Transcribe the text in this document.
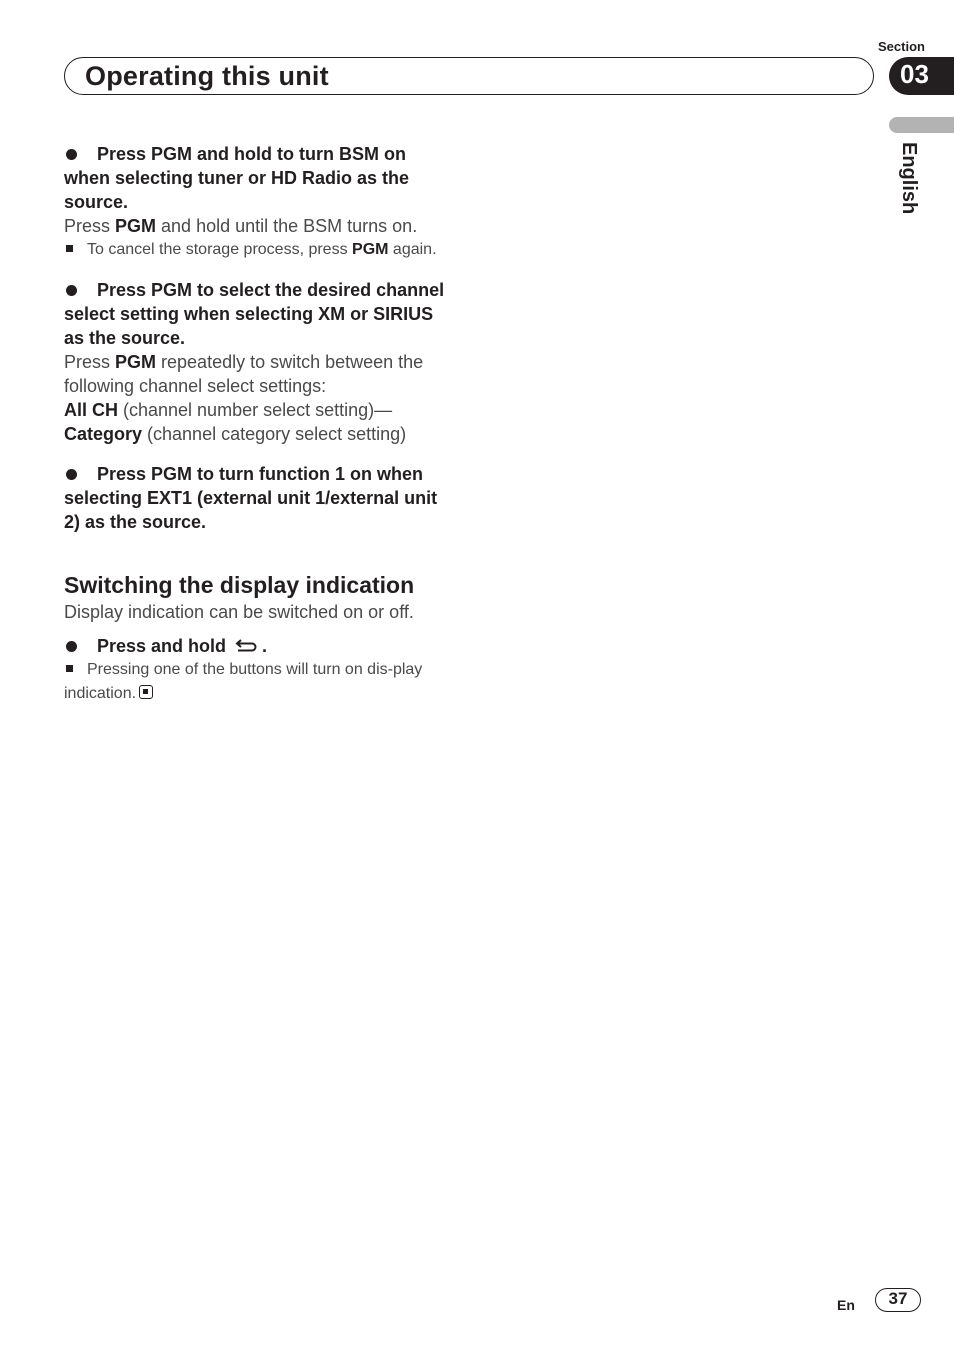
Operating this unit
Section
03
English

Press PGM and hold to turn BSM on when selecting tuner or HD Radio as the source.

Press PGM and hold until the BSM turns on.

To cancel the storage process, press PGM again.

Press PGM to select the desired channel select setting when selecting XM or SIRIUS as the source.

Press PGM repeatedly to switch between the following channel select settings:

All CH (channel number select setting)—
Category (channel category select setting)

Press PGM to turn function 1 on when selecting EXT1 (external unit 1/external unit 2) as the source.

Switching the display indication

Display indication can be switched on or off.

Press and hold .

Pressing one of the buttons will turn on dis-play indication.

En	37
